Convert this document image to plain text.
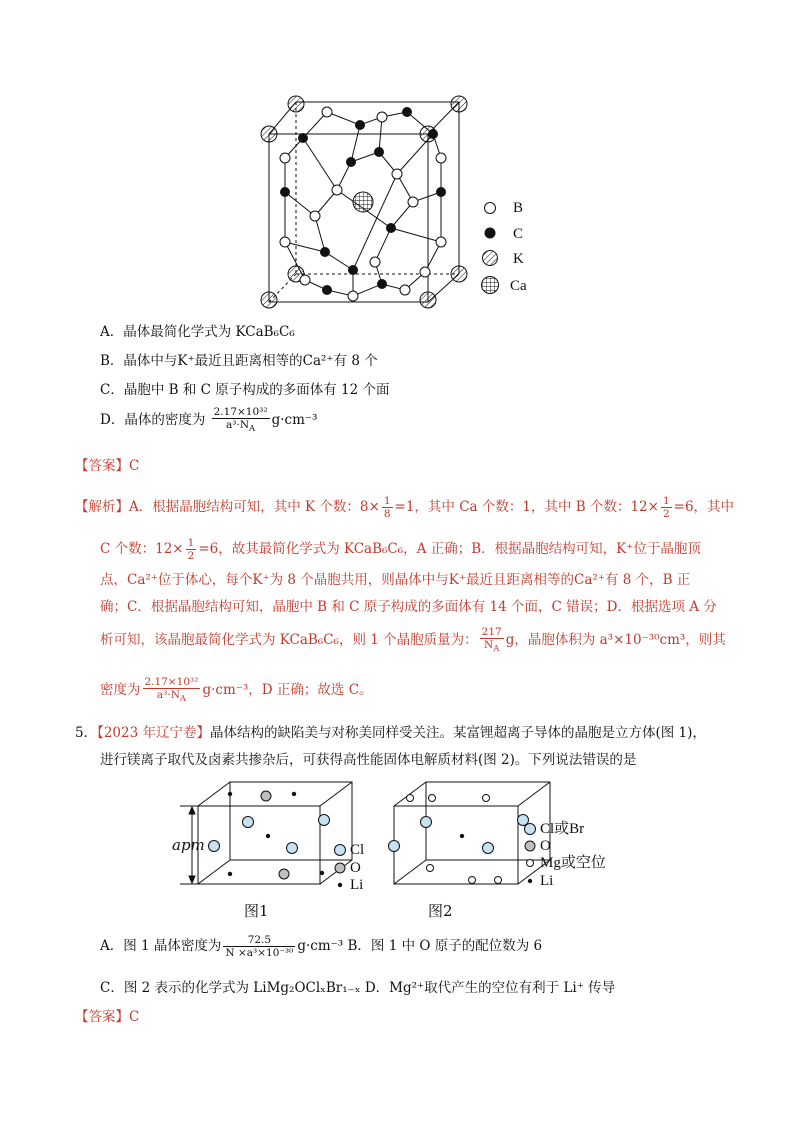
B
C
K
Ca
A．晶体最简化学式为 KCaB₆C₆
B．晶体中与K⁺最近且距离相等的Ca²⁺有 8 个
C．晶胞中 B 和 C 原子构成的多面体有 12 个面
D．晶体的密度为 $\frac{\text{2.17×10³²}}{a^3\cdot N_A} g\cdot cm^{-3}$
【答案】C
【解析】A．根据晶胞结构可知，其中 K 个数：$8\times \frac{1}{8} =1$，其中 Ca 个数：1，其中 B 个数：$12\times \frac{1}{2} =6$，其中
C 个数：$12\times \frac{1}{2} =6$，故其最简化学式为 KCaB₆C₆，A 正确；B．根据晶胞结构可知，K⁺位于晶胞顶
点，Ca²⁺位于体心，每个K⁺为 8 个晶胞共用，则晶体中与K⁺最近且距离相等的Ca²⁺有 8 个，B 正
确；C．根据晶胞结构可知，晶胞中 B 和 C 原子构成的多面体有 14 个面，C 错误；D．根据选项 A 分
析可知，该晶胞最简化学式为 KCaB₆C₆，则 1 个晶胞质量为： $\frac{217}{N_A}$ g，晶胞体积为 a³×10⁻³⁰cm³，则其
密度为 $\frac{\text{2.17×10³²}}{a^3\cdot N_A} g\cdot cm^{-3}$，D 正确；故选 C。
5．【2023 年辽宁卷】晶体结构的缺陷美与对称美同样受关注。某富锂超离子导体的晶胞是立方体(图 1)，
进行镁离子取代及卤素共掺杂后，可获得高性能固体电解质材料(图 2)。下列说法错误的是
apm	Cl
O
Li
Cl或Br
O
Mg或空位
Li
图1	图2
A．图 1 晶体密度为 $\frac{72.5}{\text{N ×a³×10⁻³⁰}} g\cdot cm^{-3}$ B．图 1 中 O 原子的配位数为 6
C．图 2 表示的化学式为 LiMg₂OClₓBr₁₋ₓ D．Mg²⁺取代产生的空位有利于 Li⁺ 传导
【答案】C
